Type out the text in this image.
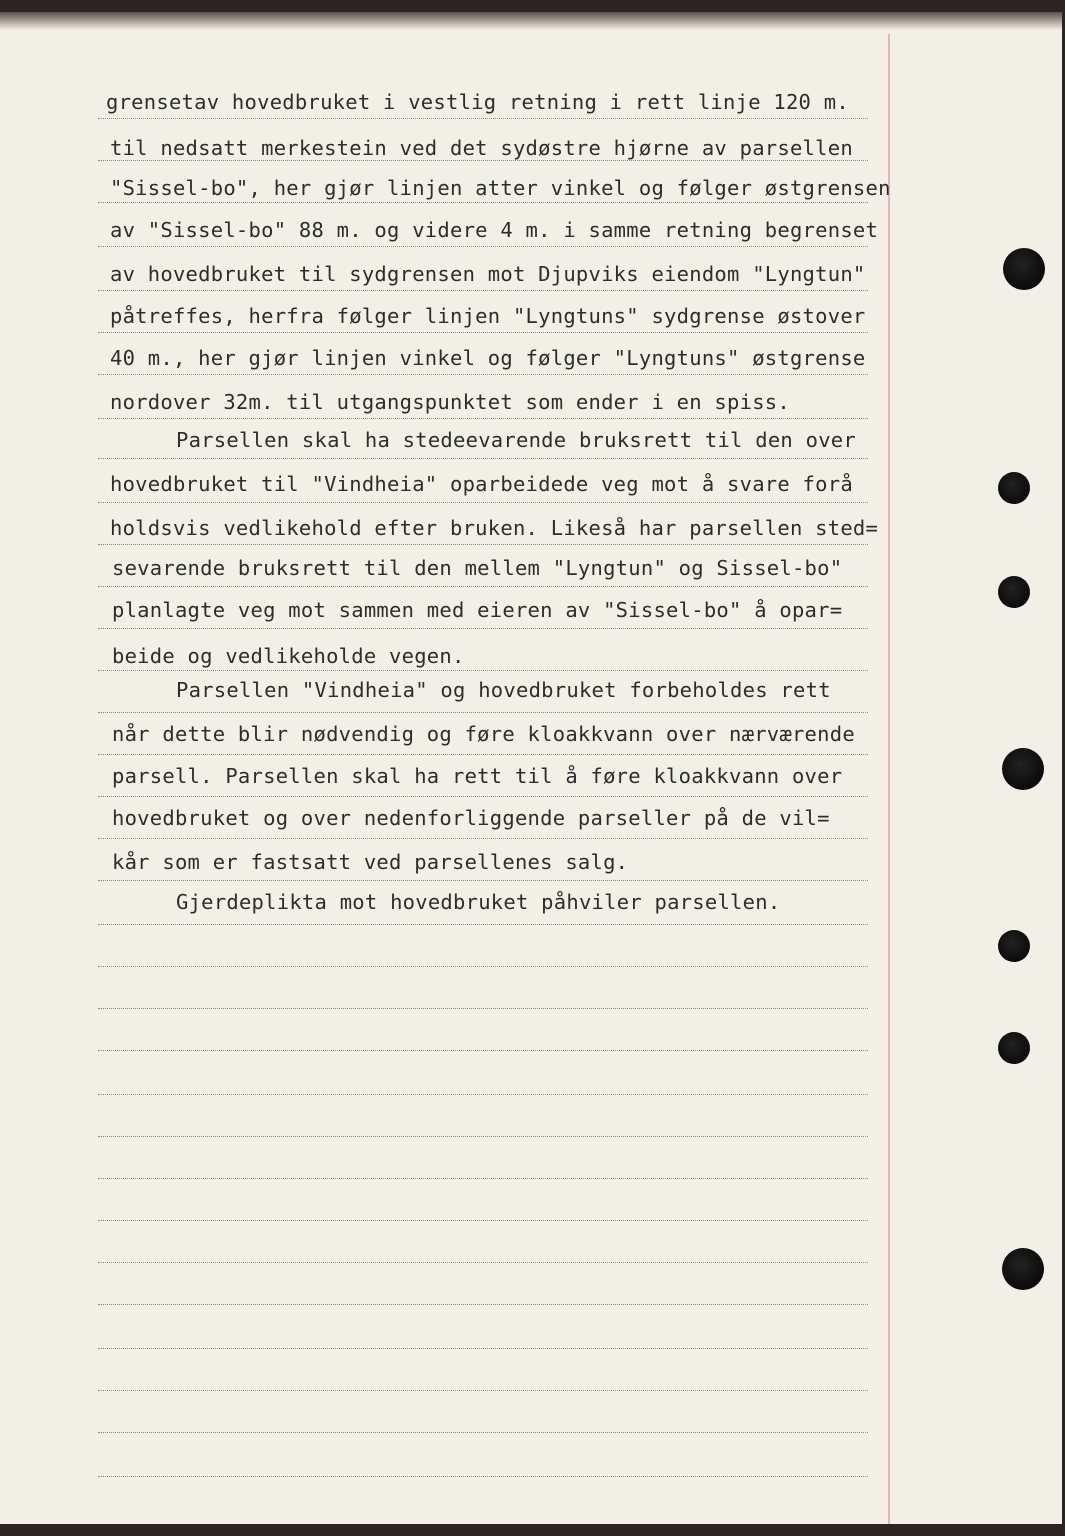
grensetav hovedbruket i vestlig retning i rett linje 120 m.
til nedsatt merkestein ved det sydøstre hjørne av parsellen
"Sissel-bo", her gjør linjen atter vinkel og følger østgrensen
av "Sissel-bo" 88 m. og videre 4 m. i samme retning begrenset
av hovedbruket til sydgrensen mot Djupviks eiendom "Lyngtun"
påtreffes, herfra følger linjen "Lyngtuns" sydgrense østover
40 m., her gjør linjen vinkel og følger "Lyngtuns" østgrense
nordover 32m. til utgangspunktet som ender i en spiss.
Parsellen skal ha stedeevarende bruksrett til den over
hovedbruket til "Vindheia" oparbeidede veg mot å svare forå
holdsvis vedlikehold efter bruken. Likeså har parsellen sted=
sevarende bruksrett til den mellem "Lyngtun" og Sissel-bo"
planlagte veg mot sammen med eieren av "Sissel-bo" å opar=
beide og vedlikeholde vegen.
Parsellen "Vindheia" og hovedbruket forbeholdes rett
når dette blir nødvendig og føre kloakkvann over nærværende
parsell. Parsellen skal ha rett til å føre kloakkvann over
hovedbruket og over nedenforliggende parseller på de vil=
kår som er fastsatt ved parsellenes salg.
Gjerdeplikta mot hovedbruket påhviler parsellen.
